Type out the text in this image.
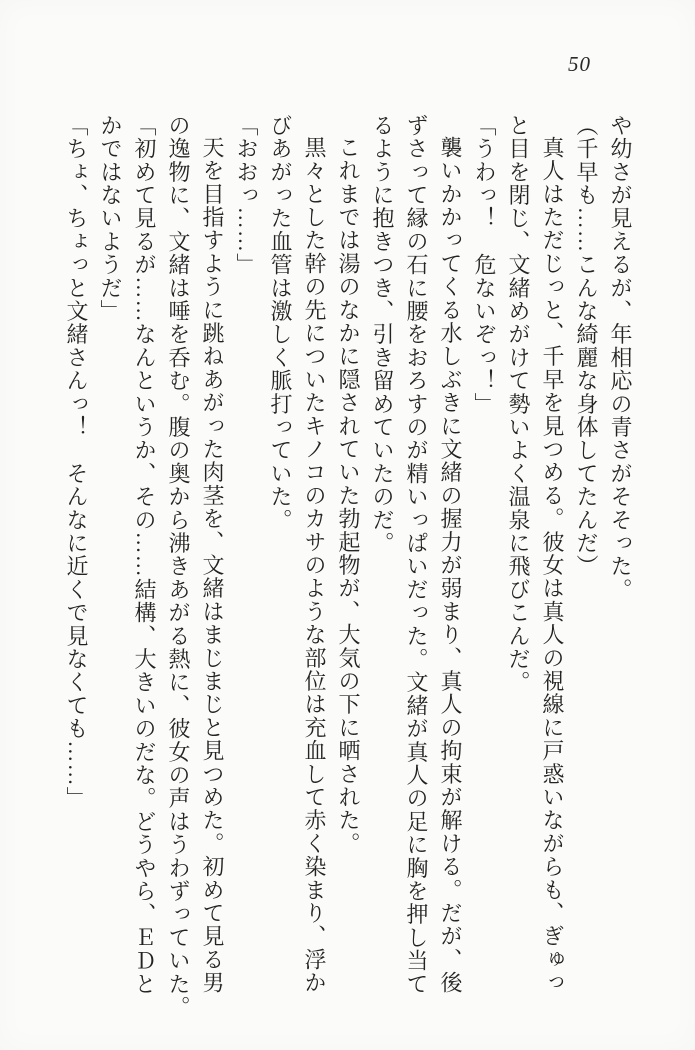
50
や幼さが見えるが、年相応の青さがそそった。
（千早も……こんな綺麗な身体してたんだ）
真人はただじっと、千早を見つめる。彼女は真人の視線に戸惑いながらも、ぎゅっ
と目を閉じ、文緒めがけて勢いよく温泉に飛びこんだ。
「うわっ！　危ないぞっ！」
襲いかかってくる水しぶきに文緒の握力が弱まり、真人の拘束が解ける。だが、後
ずさって縁の石に腰をおろすのが精いっぱいだった。文緒が真人の足に胸を押し当て
るように抱きつき、引き留めていたのだ。
これまでは湯のなかに隠されていた勃起物が、大気の下に晒された。
黒々とした幹の先についたキノコのカサのような部位は充血して赤く染まり、浮か
びあがった血管は激しく脈打っていた。
「おおっ……」
天を目指すように跳ねあがった肉茎を、文緒はまじまじと見つめた。初めて見る男
の逸物に、文緒は唾を呑む。腹の奥から沸きあがる熱に、彼女の声はうわずっていた。
「初めて見るが……なんというか、その……結構、大きいのだな。どうやら、ＥＤと
かではないようだ」
「ちょ、ちょっと文緒さんっ！　そんなに近くで見なくても……」
